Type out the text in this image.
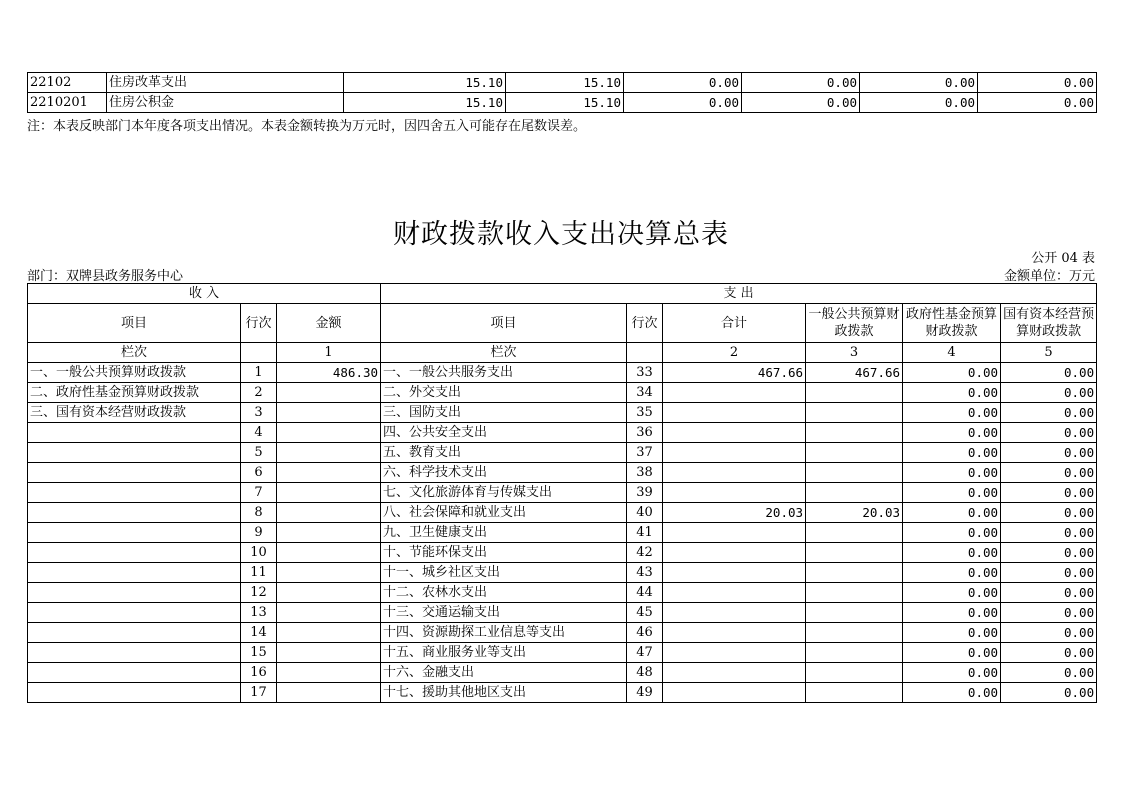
22102	住房改革支出	15.10	15.10	0.00	0.00	0.00	0.00
2210201	住房公积金	15.10	15.10	0.00	0.00	0.00	0.00
注：本表反映部门本年度各项支出情况。本表金额转换为万元时，因四舍五入可能存在尾数误差。
财政拨款收入支出决算总表
公开 04 表
部门：双牌县政务服务中心	金额单位：万元
收 入			支 出					
项目	行次	金额	项目	行次	合计	一般公共预算财政拨款	政府性基金预算财政拨款	国有资本经营预算财政拨款
栏次		1	栏次		2	3	4	5
一、一般公共预算财政拨款	1	486.30	一、一般公共服务支出	33	467.66	467.66	0.00	0.00
二、政府性基金预算财政拨款	2		二、外交支出	34			0.00	0.00
三、国有资本经营财政拨款	3		三、国防支出	35			0.00	0.00
	4		四、公共安全支出	36			0.00	0.00
	5		五、教育支出	37			0.00	0.00
	6		六、科学技术支出	38			0.00	0.00
	7		七、文化旅游体育与传媒支出	39			0.00	0.00
	8		八、社会保障和就业支出	40	20.03	20.03	0.00	0.00
	9		九、卫生健康支出	41			0.00	0.00
	10		十、节能环保支出	42			0.00	0.00
	11		十一、城乡社区支出	43			0.00	0.00
	12		十二、农林水支出	44			0.00	0.00
	13		十三、交通运输支出	45			0.00	0.00
	14		十四、资源勘探工业信息等支出	46			0.00	0.00
	15		十五、商业服务业等支出	47			0.00	0.00
	16		十六、金融支出	48			0.00	0.00
	17		十七、援助其他地区支出	49			0.00	0.00
